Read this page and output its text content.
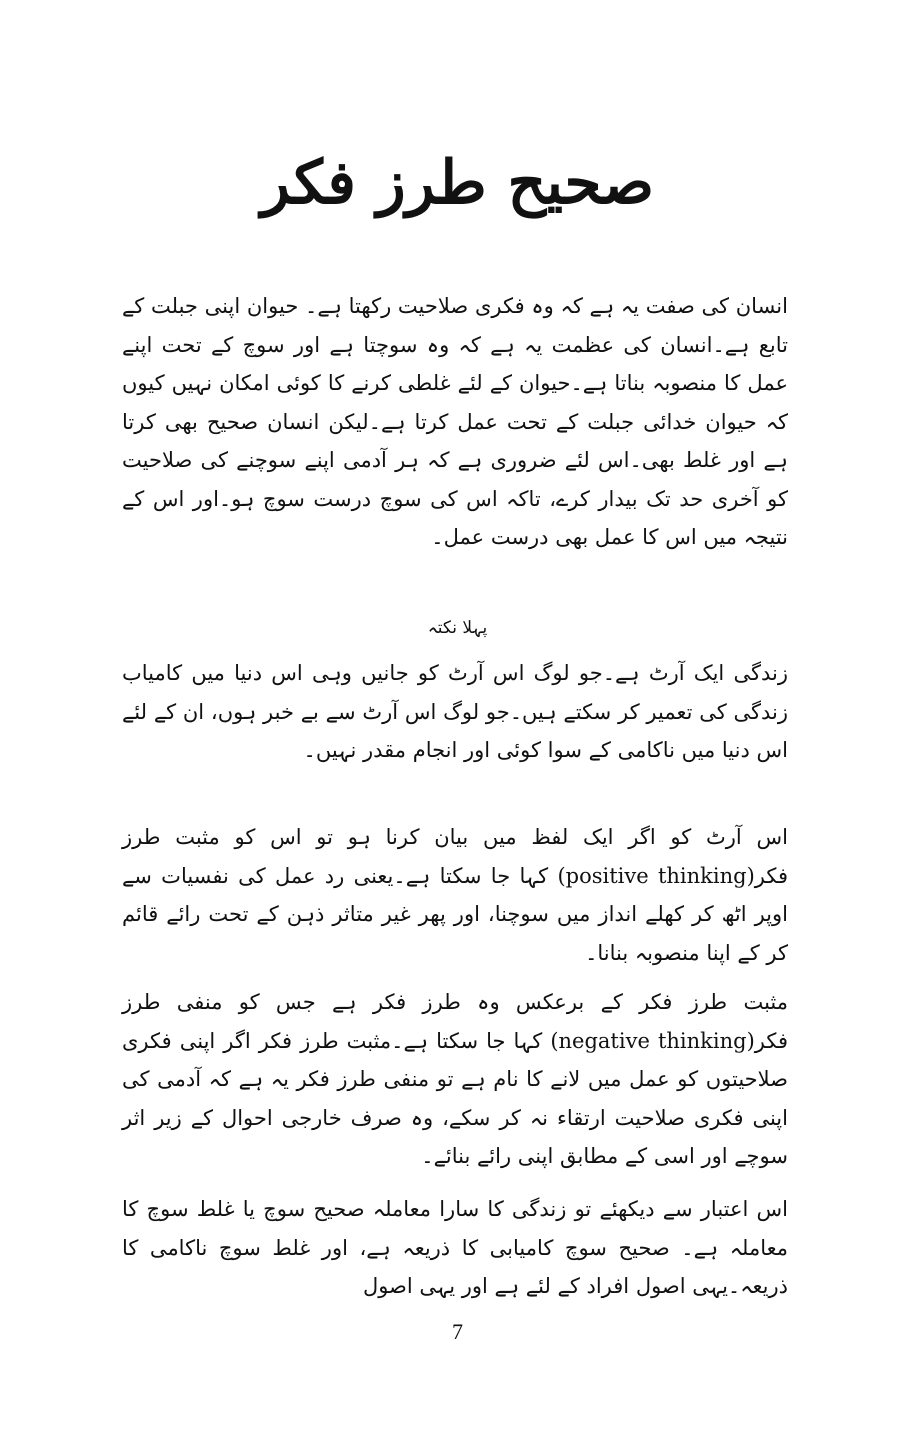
صحیح طرز فکر

انسان کی صفت یہ ہے کہ وہ فکری صلاحیت رکھتا ہے۔ حیوان اپنی جبلت کے تابع ہے۔انسان کی عظمت یہ ہے کہ وہ سوچتا ہے اور سوچ کے تحت اپنے عمل کا منصوبہ بناتا ہے۔حیوان کے لئے غلطی کرنے کا کوئی امکان نہیں کیوں کہ حیوان خدائی جبلت کے تحت عمل کرتا ہے۔لیکن انسان صحیح بھی کرتا ہے اور غلط بھی۔اس لئے ضروری ہے کہ ہر آدمی اپنے سوچنے کی صلاحیت کو آخری حد تک بیدار کرے، تاکہ اس کی سوچ درست سوچ ہو۔اور اس کے نتیجہ میں اس کا عمل بھی درست عمل۔

پہلا نکتہ

زندگی ایک آرٹ ہے۔جو لوگ اس آرٹ کو جانیں وہی اس دنیا میں کامیاب زندگی کی تعمیر کر سکتے ہیں۔جو لوگ اس آرٹ سے بے خبر ہوں، ان کے لئے اس دنیا میں ناکامی کے سوا کوئی اور انجام مقدر نہیں۔

اس آرٹ کو اگر ایک لفظ میں بیان کرنا ہو تو اس کو مثبت طرز فکر(positive thinking) کہا جا سکتا ہے۔یعنی رد عمل کی نفسیات سے اوپر اٹھ کر کھلے انداز میں سوچنا، اور پھر غیر متاثر ذہن کے تحت رائے قائم کر کے اپنا منصوبہ بنانا۔

مثبت طرز فکر کے برعکس وہ طرز فکر ہے جس کو منفی طرز فکر(negative thinking) کہا جا سکتا ہے۔مثبت طرز فکر اگر اپنی فکری صلاحیتوں کو عمل میں لانے کا نام ہے تو منفی طرز فکر یہ ہے کہ آدمی کی اپنی فکری صلاحیت ارتقاء نہ کر سکے، وہ صرف خارجی احوال کے زیر اثر سوچے اور اسی کے مطابق اپنی رائے بنائے۔

اس اعتبار سے دیکھئے تو زندگی کا سارا معاملہ صحیح سوچ یا غلط سوچ کا معاملہ ہے۔ صحیح سوچ کامیابی کا ذریعہ ہے، اور غلط سوچ ناکامی کا ذریعہ۔یہی اصول افراد کے لئے ہے اور یہی اصول

7
